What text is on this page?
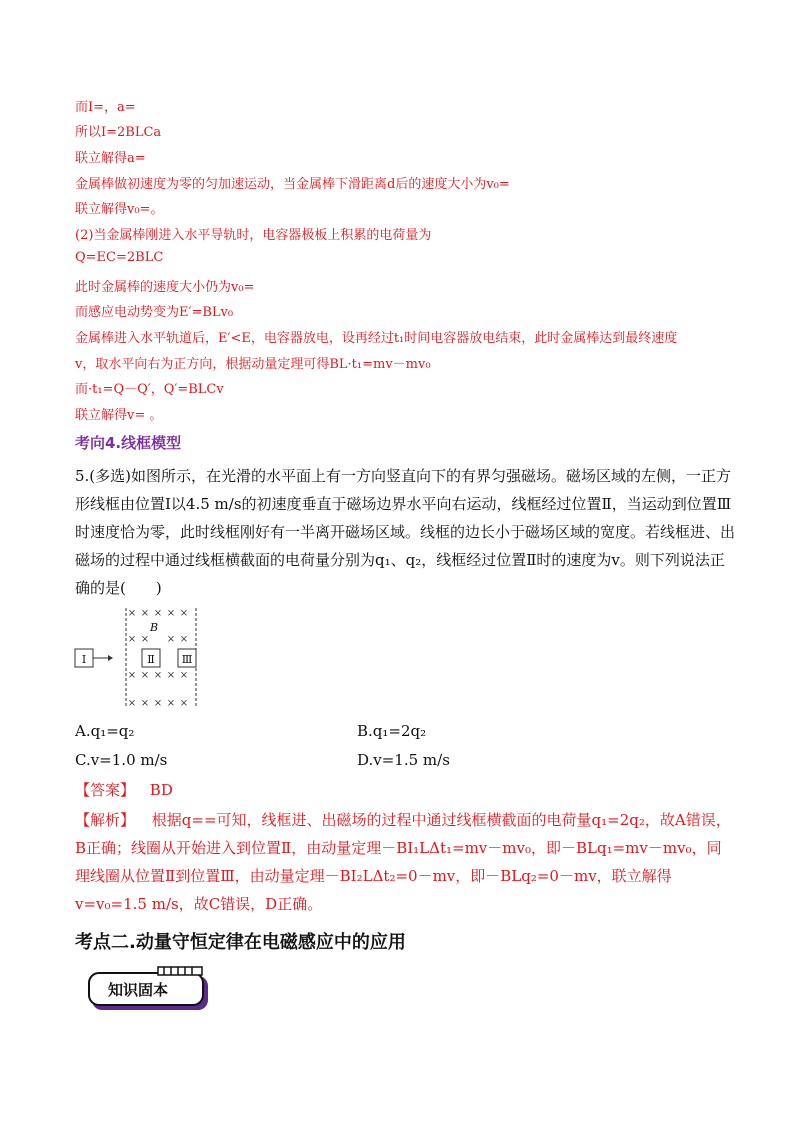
而I=，a=
所以I=2BLCa
联立解得a=
金属棒做初速度为零的匀加速运动，当金属棒下滑距离d后的速度大小为v₀=
联立解得v₀=。
(2)当金属棒刚进入水平导轨时，电容器极板上积累的电荷量为
Q=EC=2BLC
此时金属棒的速度大小仍为v₀=
而感应电动势变为E′=BLv₀
金属棒进入水平轨道后，E′<E，电容器放电，设再经过t₁时间电容器放电结束，此时金属棒达到最终速度
v，取水平向右为正方向，根据动量定理可得BL·t₁=mv－mv₀
而·t₁=Q－Q′，Q′=BLCv
联立解得v= 。
考向4.线框模型
5.(多选)如图所示，在光滑的水平面上有一方向竖直向下的有界匀强磁场。磁场区域的左侧，一正方形线框由位置Ⅰ以4.5 m/s的初速度垂直于磁场边界水平向右运动，线框经过位置Ⅱ，当运动到位置Ⅲ时速度恰为零，此时线框刚好有一半离开磁场区域。线框的边长小于磁场区域的宽度。若线框进、出磁场的过程中通过线框横截面的电荷量分别为q₁、q₂，线框经过位置Ⅱ时的速度为v。则下列说法正确的是(　　)
× × × × ×
× × × ×
× × × × ×
× × × × ×
B
Ⅰ	Ⅱ Ⅲ
A.q₁=q₂	B.q₁=2q₂
C.v=1.0 m/s	D.v=1.5 m/s
【答案】 BD
【解析】 根据q==可知，线框进、出磁场的过程中通过线框横截面的电荷量q₁=2q₂，故A错误，B正确；线圈从开始进入到位置Ⅱ，由动量定理－BI₁LΔt₁=mv－mv₀，即－BLq₁=mv－mv₀，同理线圈从位置Ⅱ到位置Ⅲ，由动量定理－BI₂LΔt₂=0－mv，即－BLq₂=0－mv，联立解得v=v₀=1.5 m/s，故C错误，D正确。
考点二.动量守恒定律在电磁感应中的应用
知识固本
